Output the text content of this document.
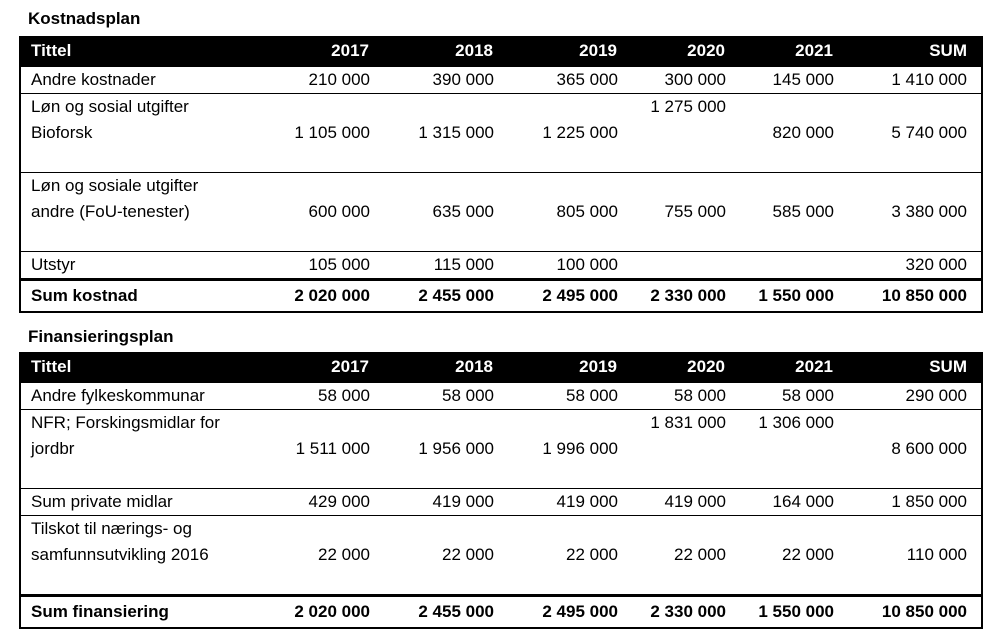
Kostnadsplan
Tittel	2017	2018	2019	2020	2021	SUM
Andre kostnader	210 000	390 000	365 000	300 000	145 000	1 410 000

Løn og sosial utgifter
Bioforsk	1 105 000	1 315 000	1 225 000	1 275 000	820 000	5 740 000

Løn og sosiale utgifter
andre (FoU-tenester)	600 000	635 000	805 000	755 000	585 000	3 380 000
Utstyr	105 000	115 000	100 000			320 000
Sum kostnad	2 020 000	2 455 000	2 495 000	2 330 000	1 550 000	10 850 000
Finansieringsplan
Tittel	2017	2018	2019	2020	2021	SUM
Andre fylkeskommunar	58 000	58 000	58 000	58 000	58 000	290 000

NFR; Forskingsmidlar for
jordbr	1 511 000	1 956 000	1 996 000	1 831 000	1 306 000	8 600 000
Sum private midlar	429 000	419 000	419 000	419 000	164 000	1 850 000

Tilskot til nærings- og
samfunnsutvikling 2016	22 000	22 000	22 000	22 000	22 000	110 000
Sum finansiering	2 020 000	2 455 000	2 495 000	2 330 000	1 550 000	10 850 000
